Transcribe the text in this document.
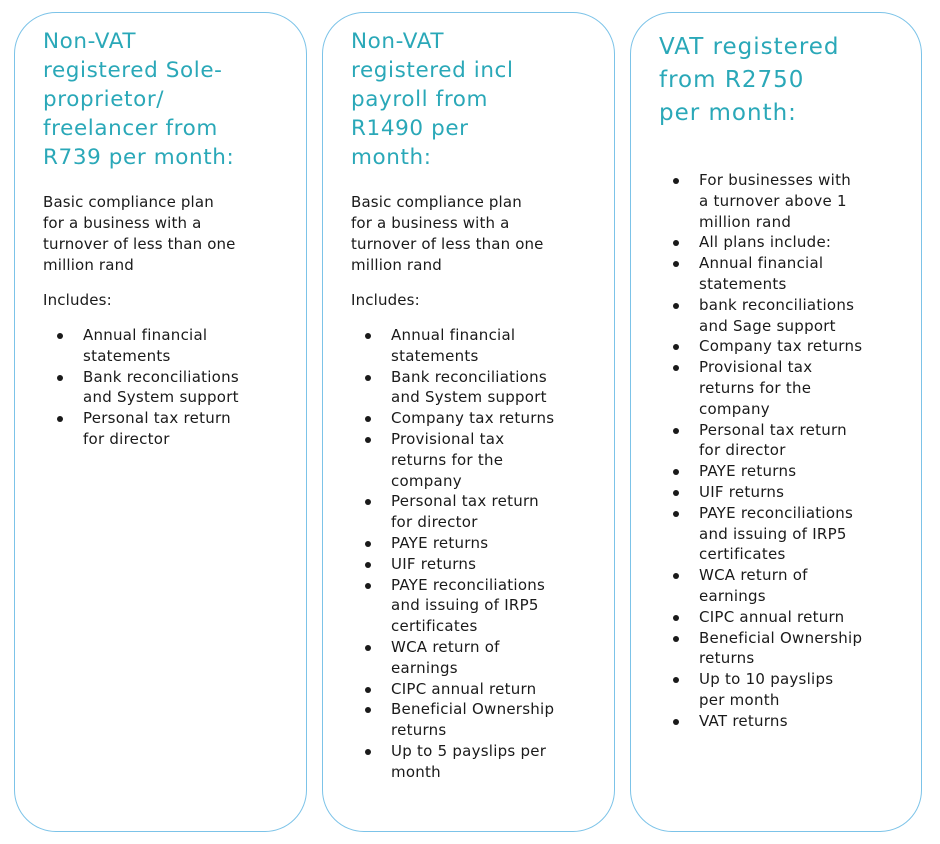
Non-VAT
registered Sole-
proprietor/
freelancer from
R739 per month:

Basic compliance plan
for a business with a
turnover of less than one
million rand

Includes:

Annual financial
statements
Bank reconciliations
and System support
Personal tax return
for director
Non-VAT
registered incl
payroll from
R1490 per
month:

Basic compliance plan
for a business with a
turnover of less than one
million rand

Includes:

Annual financial
statements
Bank reconciliations
and System support
Company tax returns
Provisional tax
returns for the
company
Personal tax return
for director
PAYE returns
UIF returns
PAYE reconciliations
and issuing of IRP5
certificates
WCA return of
earnings
CIPC annual return
Beneficial Ownership
returns
Up to 5 payslips per
month
VAT registered
from R2750
per month:
For businesses with
a turnover above 1
million rand
All plans include:
Annual financial
statements
bank reconciliations
and Sage support
Company tax returns
Provisional tax
returns for the
company
Personal tax return
for director
PAYE returns
UIF returns
PAYE reconciliations
and issuing of IRP5
certificates
WCA return of
earnings
CIPC annual return
Beneficial Ownership
returns
Up to 10 payslips
per month
VAT returns
